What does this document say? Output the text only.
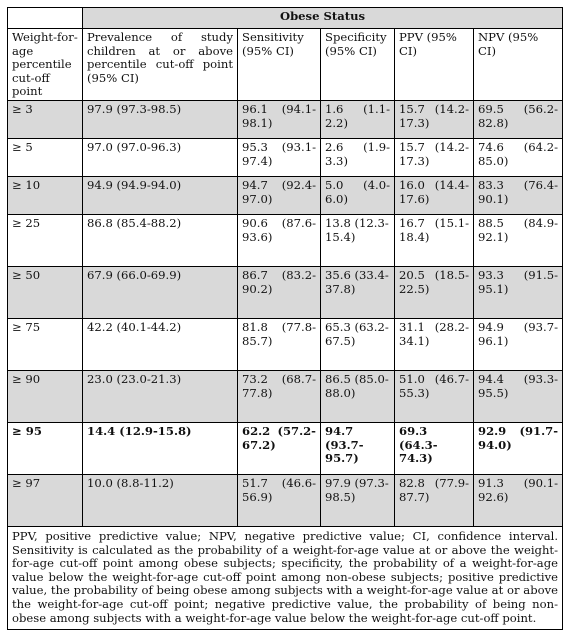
	Obese Status				
Weight-for-age percentile cut-off point	Prevalence of study children at or above percentile cut-off point (95% CI)	Sensitivity (95% CI)	Specificity (95% CI)	PPV (95% CI)	NPV (95% CI)
≥ 3	97.9 (97.3-98.5)	96.1 (94.1-98.1)	1.6 (1.1-2.2)	15.7 (14.2-17.3)	69.5 (56.2-82.8)
≥ 5	97.0 (97.0-96.3)	95.3 (93.1-97.4)	2.6 (1.9-3.3)	15.7 (14.2-17.3)	74.6 (64.2-85.0)
≥ 10	94.9 (94.9-94.0)	94.7 (92.4-97.0)	5.0 (4.0-6.0)	16.0 (14.4-17.6)	83.3 (76.4-90.1)
≥ 25	86.8 (85.4-88.2)	90.6 (87.6-93.6)	13.8 (12.3-15.4)	16.7 (15.1-18.4)	88.5 (84.9-92.1)
≥ 50	67.9 (66.0-69.9)	86.7 (83.2-90.2)	35.6 (33.4-37.8)	20.5 (18.5-22.5)	93.3 (91.5-95.1)
≥ 75	42.2 (40.1-44.2)	81.8 (77.8-85.7)	65.3 (63.2-67.5)	31.1 (28.2-34.1)	94.9 (93.7-96.1)
≥ 90	23.0 (23.0-21.3)	73.2 (68.7-77.8)	86.5 (85.0-88.0)	51.0 (46.7-55.3)	94.4 (93.3-95.5)
≥ 95	14.4 (12.9-15.8)	62.2 (57.2-67.2)	94.7 (93.7-95.7)	69.3 (64.3-74.3)	92.9 (91.7-94.0)
≥ 97	10.0 (8.8-11.2)	51.7 (46.6-56.9)	97.9 (97.3-98.5)	82.8 (77.9-87.7)	91.3 (90.1-92.6)
PPV, positive predictive value; NPV, negative predictive value; CI, confidence interval. Sensitivity is calculated as the probability of a weight-for-age value at or above the weight-for-age cut-off point among obese subjects; specificity, the probability of a weight-for-age value below the weight-for-age cut-off point among non-obese subjects; positive predictive value, the probability of being obese among subjects with a weight-for-age value at or above the weight-for-age cut-off point; negative predictive value, the probability of being non-obese among subjects with a weight-for-age value below the weight-for-age cut-off point.					
